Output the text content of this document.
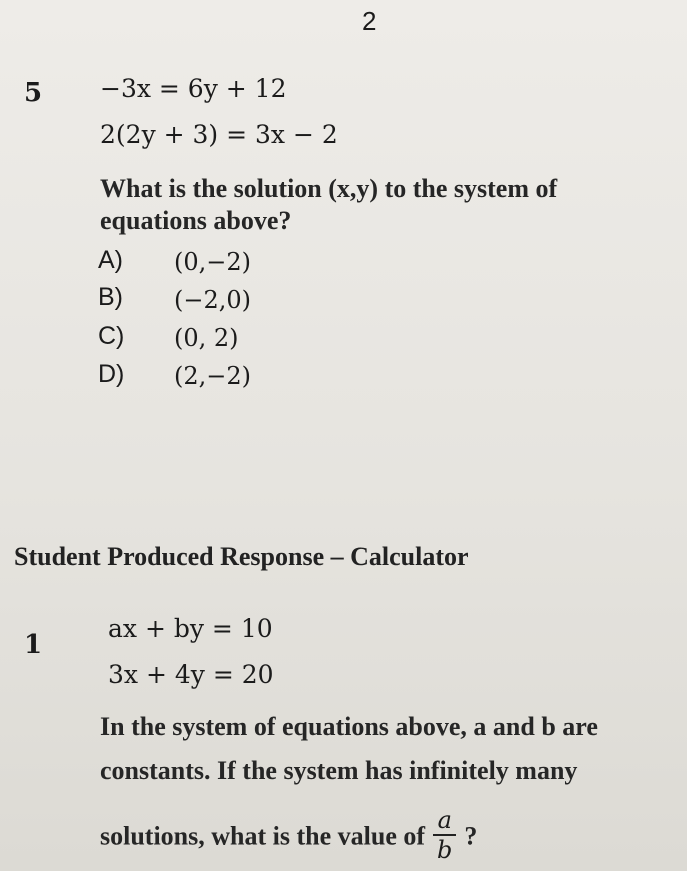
2
5 −3x = 6y + 12
2(2y + 3) = 3x − 2
What is the solution (x,y) to the system of
equations above?
A) (0,−2)
B) (−2,0)
C) (0, 2)
D) (2,−2)
Student Produced Response – Calculator
1
ax + by = 10
3x + 4y = 20
In the system of equations above, a and b are
constants. If the system has infinitely many
solutions, what is the value of $\frac{a}{b}$ ?
